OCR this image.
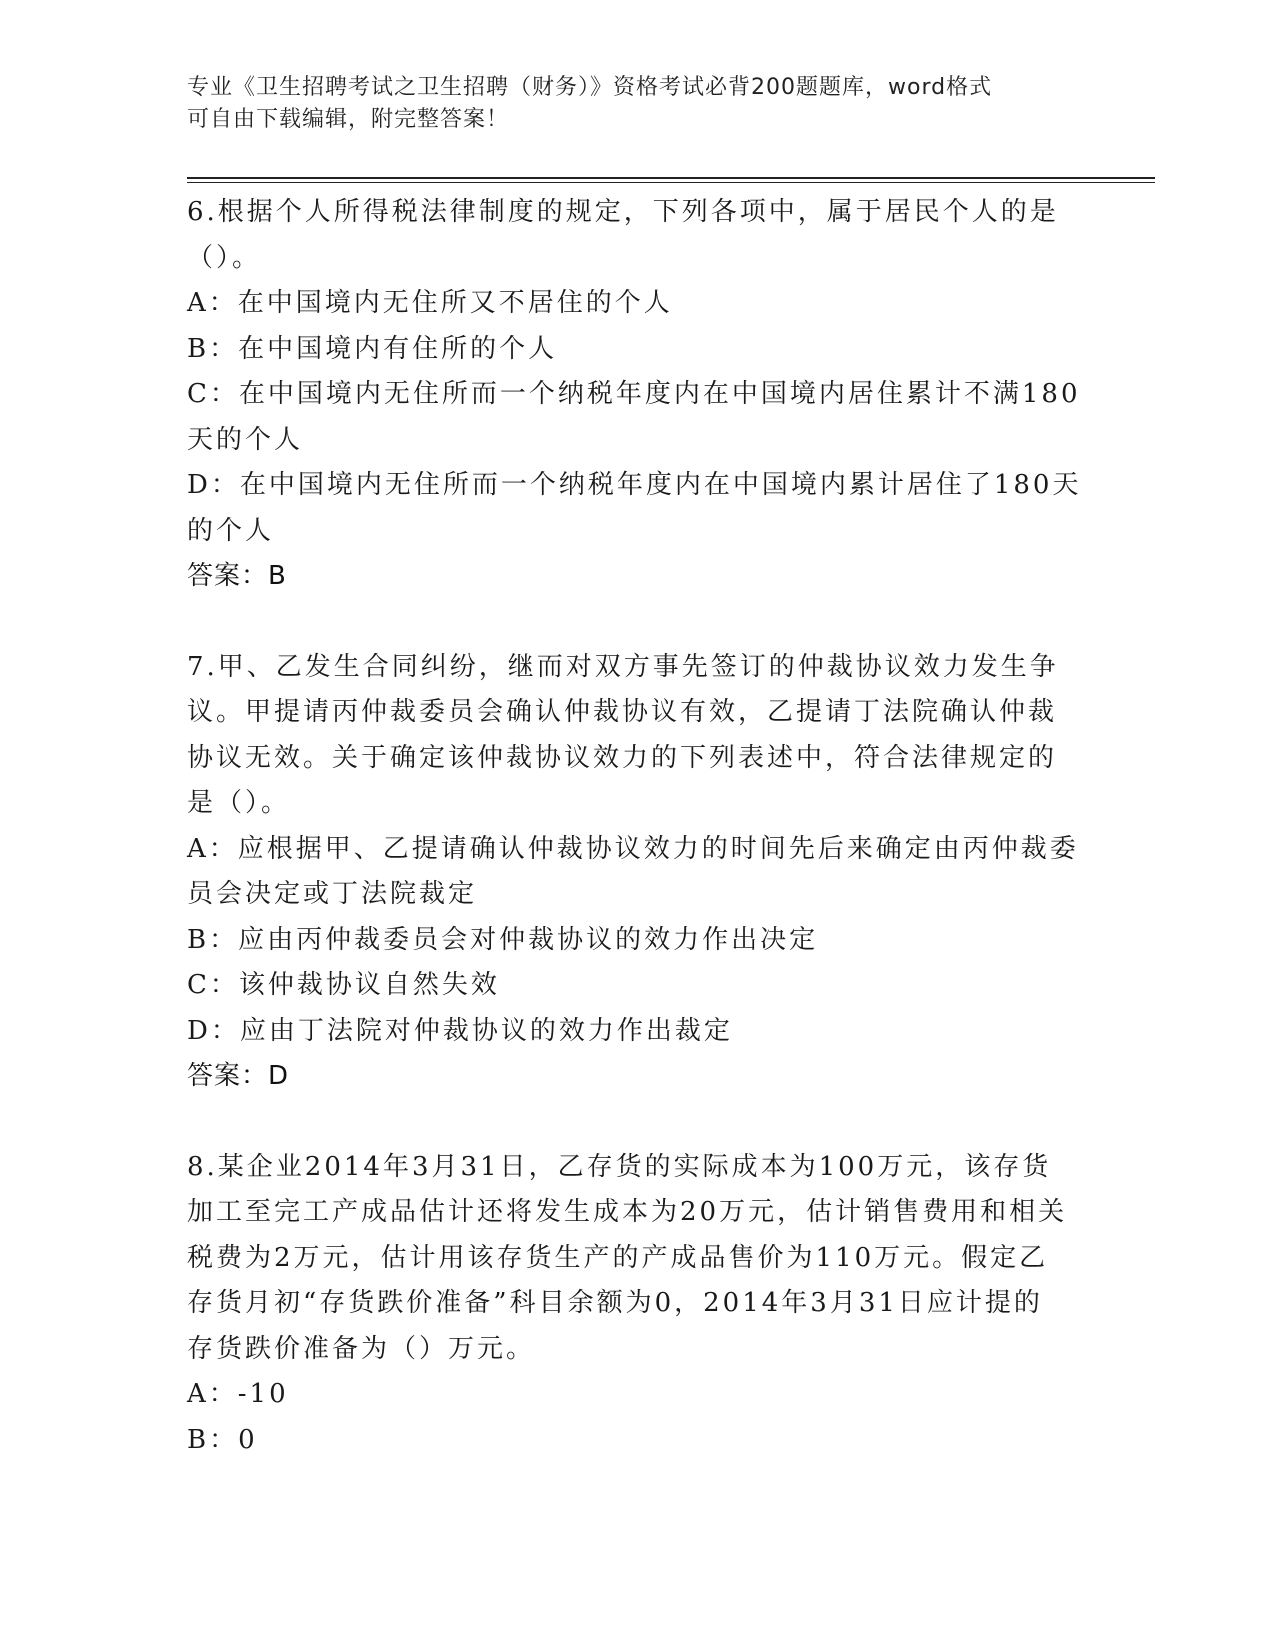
专业《卫生招聘考试之卫生招聘（财务）》资格考试必背200题题库，word格式

可自由下载编辑，附完整答案！

6.根据个人所得税法律制度的规定，下列各项中，属于居民个人的是

（）。

A：在中国境内无住所又不居住的个人

B：在中国境内有住所的个人

C：在中国境内无住所而一个纳税年度内在中国境内居住累计不满180

天的个人

D：在中国境内无住所而一个纳税年度内在中国境内累计居住了180天

的个人

答案：B

7.甲、乙发生合同纠纷，继而对双方事先签订的仲裁协议效力发生争

议。甲提请丙仲裁委员会确认仲裁协议有效，乙提请丁法院确认仲裁

协议无效。关于确定该仲裁协议效力的下列表述中，符合法律规定的

是（）。

A：应根据甲、乙提请确认仲裁协议效力的时间先后来确定由丙仲裁委

员会决定或丁法院裁定

B：应由丙仲裁委员会对仲裁协议的效力作出决定

C：该仲裁协议自然失效

D：应由丁法院对仲裁协议的效力作出裁定

答案：D

8.某企业2014年3月31日，乙存货的实际成本为100万元，该存货

加工至完工产成品估计还将发生成本为20万元，估计销售费用和相关

税费为2万元，估计用该存货生产的产成品售价为110万元。假定乙

存货月初“存货跌价准备”科目余额为0，2014年3月31日应计提的

存货跌价准备为（）万元。

A：-10

B：0
